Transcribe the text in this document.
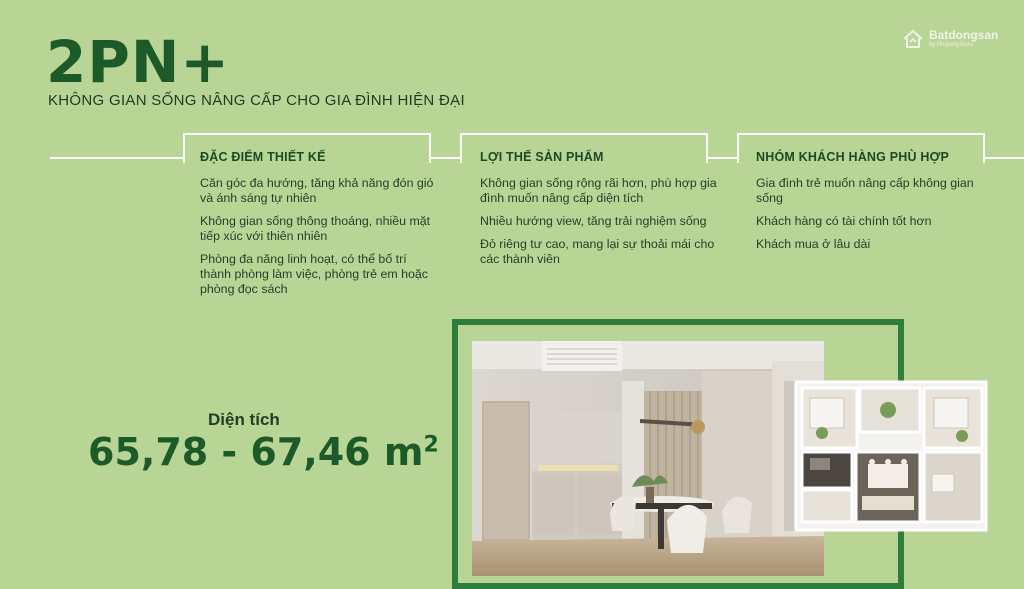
2PN+
KHÔNG GIAN SỐNG NÂNG CẤP CHO GIA ĐÌNH HIỆN ĐẠI
Batdongsan
by PropertyGuru
ĐẶC ĐIỂM THIẾT KẾ

Căn góc đa hướng, tăng khả năng đón gió và ánh sáng tự nhiên

Không gian sống thông thoáng, nhiều mặt tiếp xúc với thiên nhiên

Phòng đa năng linh hoạt, có thể bố trí thành phòng làm việc, phòng trẻ em hoặc phòng đọc sách

LỢI THẾ SẢN PHẨM

Không gian sống rộng rãi hơn, phù hợp gia đình muốn nâng cấp diện tích

Nhiều hướng view, tăng trải nghiệm sống

Đỏ riêng tư cao, mang lại sự thoải mái cho các thành viên

NHÓM KHÁCH HÀNG PHÙ HỢP

Gia đình trẻ muốn nâng cấp không gian sống

Khách hàng có tài chính tốt hơn

Khách mua ở lâu dài

Diện tích
65,78 - 67,46 $m^2$
